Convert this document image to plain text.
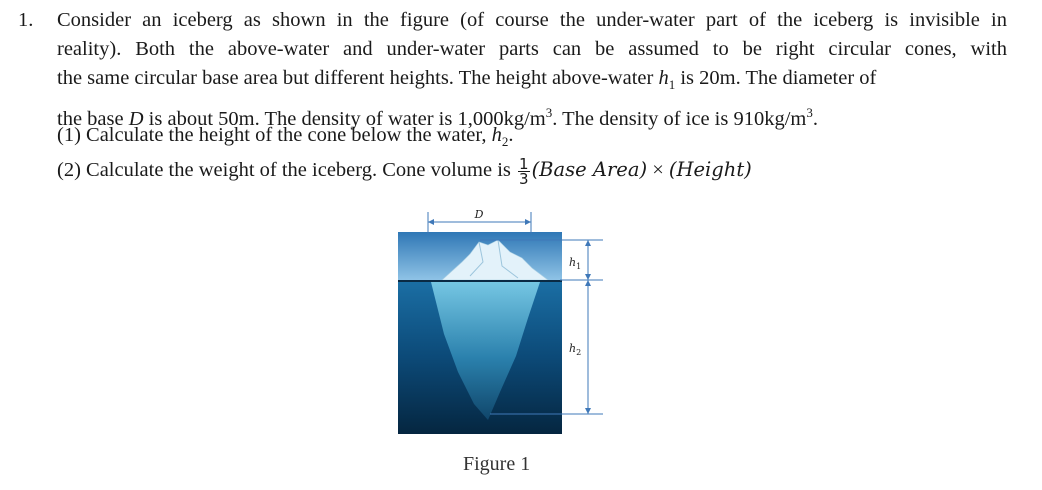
1. Consider an iceberg as shown in the figure (of course the under-water part of the iceberg is invisible in
reality). Both the above-water and under-water parts can be assumed to be right circular cones, with
the same circular base area but different heights. The height above-water $h_1$ is 20m. The diameter of
the base D is about 50m. The density of water is $1,000kg/m^3$. The density of ice is $910kg/m^3$.
(1) Calculate the height of the cone below the water, $h_2$.
(2) Calculate the weight of the iceberg. Cone volume is $\frac{1}{3}$ (Base Area) × (Height)
D
$h_1$
$h_2$
Figure 1
